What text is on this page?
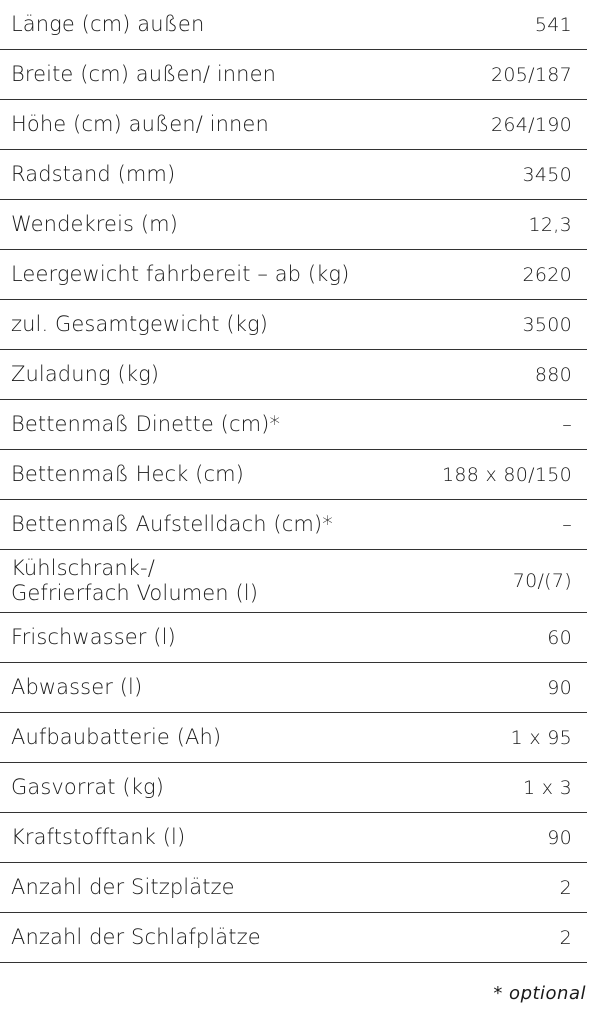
Länge (cm) außen	541
Breite (cm) außen/ innen	205/187
Höhe (cm) außen/ innen	264/190
Radstand (mm)	3450
Wendekreis (m)	12,3
Leergewicht fahrbereit – ab (kg)	2620
zul. Gesamtgewicht (kg)	3500
Zuladung (kg)	880
Bettenmaß Dinette (cm)*	–
Bettenmaß Heck (cm)	188 x 80/150
Bettenmaß Aufstelldach (cm)*	–
Kühlschrank-/
Gefrierfach Volumen (l)	70/(7)
Frischwasser (l)	60
Abwasser (l)	90
Aufbaubatterie (Ah)	1 x 95
Gasvorrat (kg)	1 x 3
Kraftstofftank (l)	90
Anzahl der Sitzplätze	2
Anzahl der Schlafplätze	2
* optional
